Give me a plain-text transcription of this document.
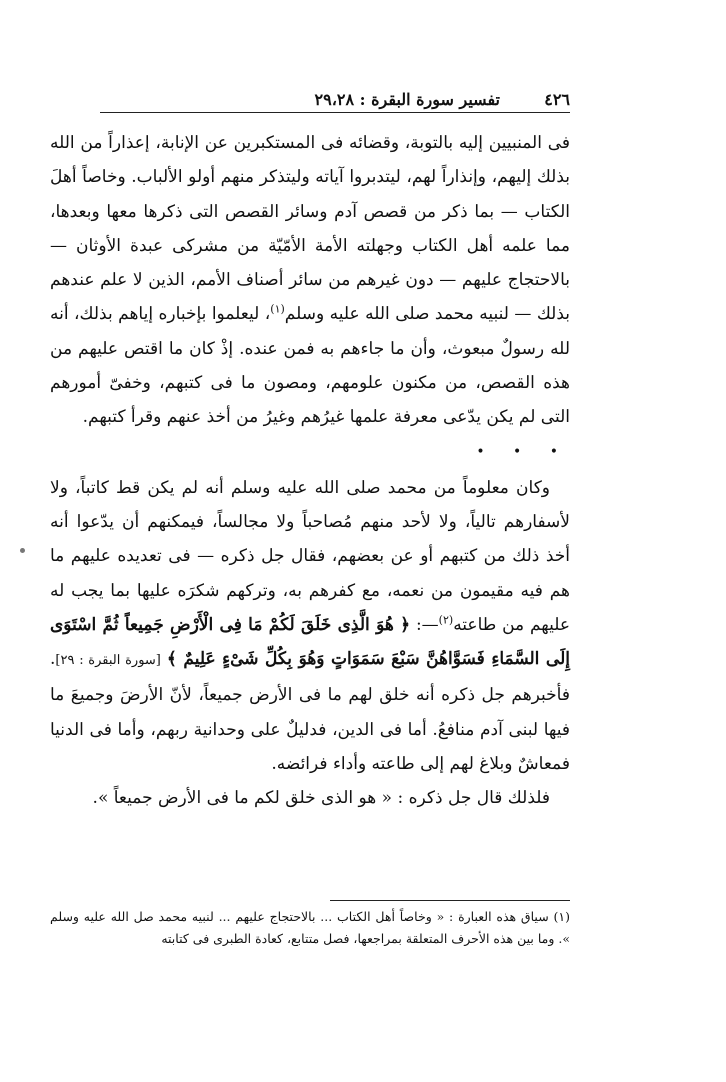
٤٢٦
تفسير سورة البقرة : ٢٩،٢٨

فى المنبيين إليه بالتوبة، وقضائه فى المستكبرين عن الإنابة، إعذاراً من الله بذلك إليهم، وإنذاراً لهم، ليتدبروا آياته وليتذكر منهم أولو الألباب. وخاصاً أهلَ الكتاب — بما ذكر من قصص آدم وسائر القصص التى ذكرها معها وبعدها، مما علمه أهل الكتاب وجهلته الأمة الأمّيّة من مشركى عبدة الأوثان — بالاحتجاج عليهم — دون غيرهم من سائر أصناف الأمم، الذين لا علم عندهم بذلك — لنبيه محمد صلى الله عليه وسلم$^{(١)}$، ليعلموا بإخباره إياهم بذلك، أنه لله رسولٌ مبعوث، وأن ما جاءهم به فمن عنده. إذْ كان ما اقتص عليهم من هذه القصص، من مكنون علومهم، ومصون ما فى كتبهم، وخفىّ أمورهم التى لم يكن يدّعى معرفة علمها غيرُهم وغيرُ من أخذ عنهم وقرأ كتبهم.

• • •

وكان معلوماً من محمد صلى الله عليه وسلم أنه لم يكن قط كاتباً، ولا لأسفارهم تالياً، ولا لأحد منهم مُصاحباً ولا مجالساً، فيمكنهم أن يدّعوا أنه أخذ ذلك من كتبهم أو عن بعضهم، فقال جل ذكره — فى تعديده عليهم ما هم فيه مقيمون من نعمه، مع كفرهم به، وتركهم شكرَه عليها بما يجب له عليهم من طاعته$^{(٢)}$—: ﴿ هُوَ الَّذِى خَلَقَ لَكُمْ مَا فِى الْأَرْضِ جَمِيعاً ثُمَّ اسْتَوَى إِلَى السَّمَاءِ فَسَوَّاهُنَّ سَبْعَ سَمَوَاتٍ وَهُوَ بِكُلِّ شَىْءٍ عَلِيمٌ ﴾ [سورة البقرة : ٢٩]. فأخبرهم جل ذكره أنه خلق لهم ما فى الأرض جميعاً، لأنّ الأرضَ وجميعَ ما فيها لبنى آدم منافعُ. أما فى الدين، فدليلٌ على وحدانية ربهم، وأما فى الدنيا فمعاشٌ وبلاغ لهم إلى طاعته وأداء فرائضه.

فلذلك قال جل ذكره : « هو الذى خلق لكم ما فى الأرض جميعاً ».

(١) سياق هذه العبارة : « وخاصاً أهل الكتاب ... بالاحتجاج عليهم ... لنبيه محمد صل الله عليه وسلم ». وما بين هذه الأحرف المتعلقة بمراجعها، فصل متتابع، كعادة الطبرى فى كتابته
